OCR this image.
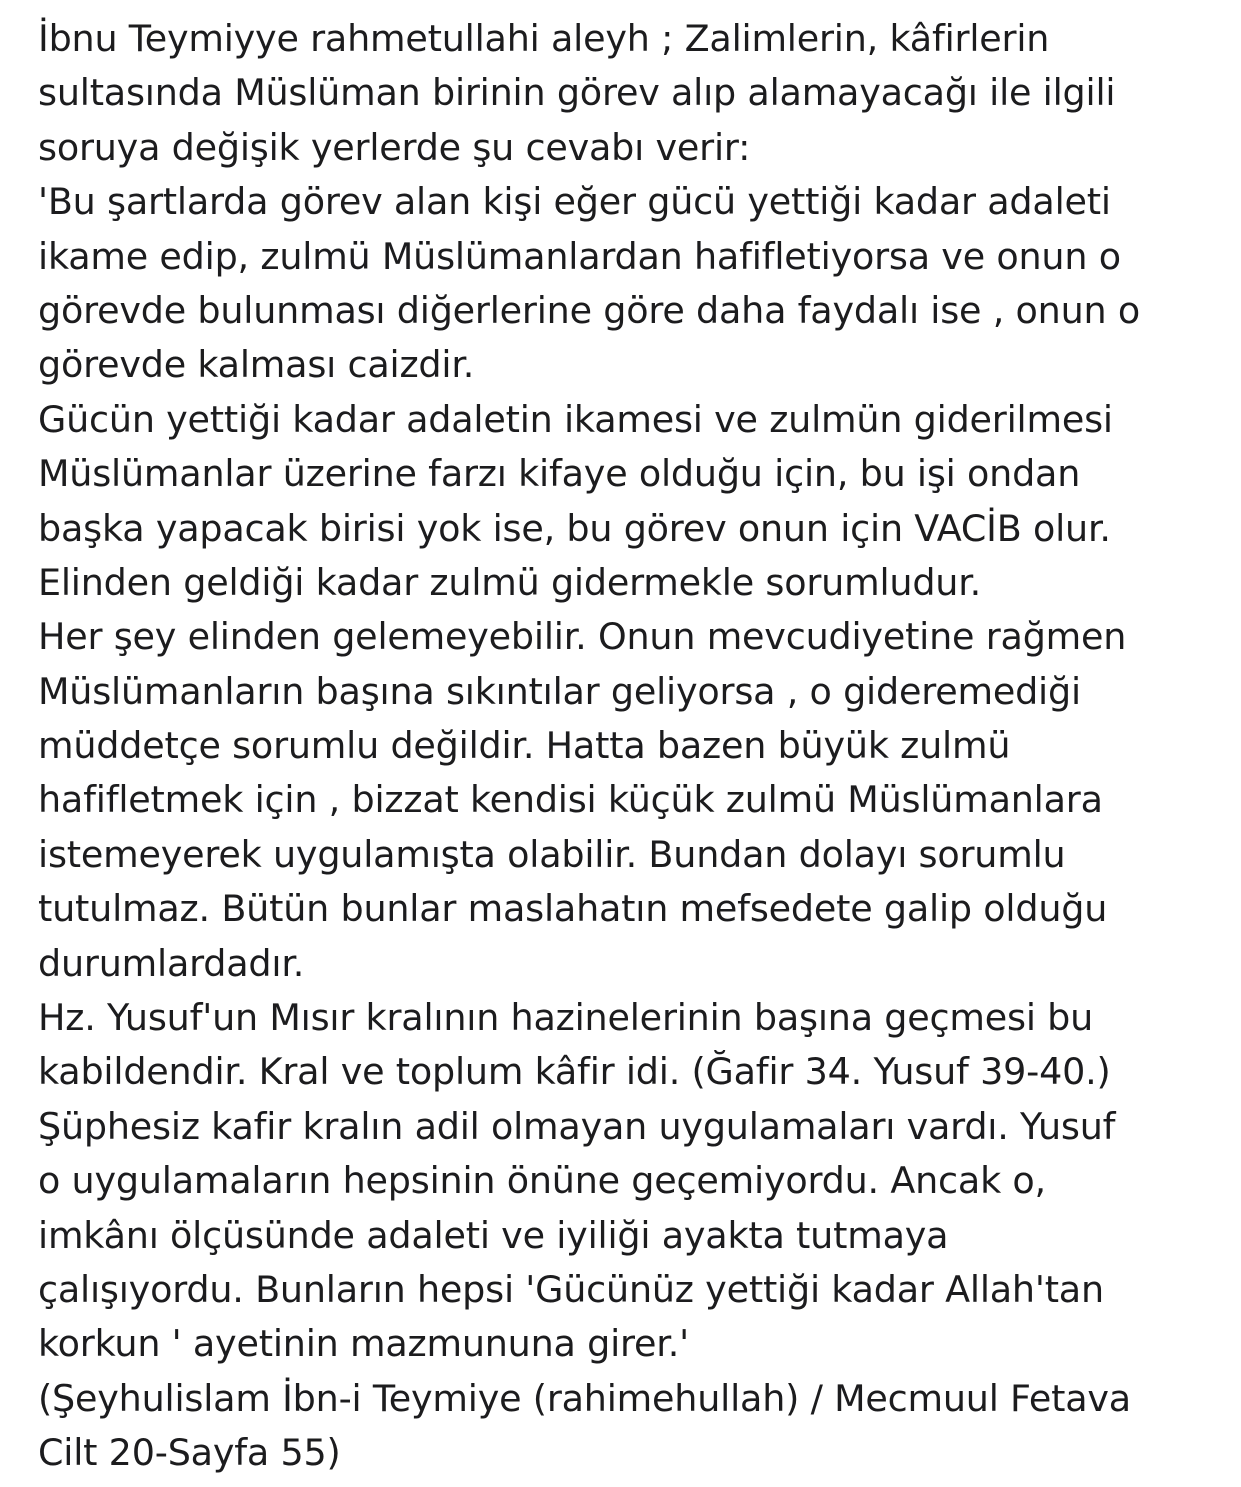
İbnu Teymiyye rahmetullahi aleyh ; Zalimlerin, kâfirlerin
sultasında Müslüman birinin görev alıp alamayacağı ile ilgili
soruya değişik yerlerde şu cevabı verir:
'Bu şartlarda görev alan kişi eğer gücü yettiği kadar adaleti
ikame edip, zulmü Müslümanlardan hafifletiyorsa ve onun o
görevde bulunması diğerlerine göre daha faydalı ise , onun o
görevde kalması caizdir.
Gücün yettiği kadar adaletin ikamesi ve zulmün giderilmesi
Müslümanlar üzerine farzı kifaye olduğu için, bu işi ondan
başka yapacak birisi yok ise, bu görev onun için VACİB olur.
Elinden geldiği kadar zulmü gidermekle sorumludur.
Her şey elinden gelemeyebilir. Onun mevcudiyetine rağmen
Müslümanların başına sıkıntılar geliyorsa , o gideremediği
müddetçe sorumlu değildir. Hatta bazen büyük zulmü
hafifletmek için , bizzat kendisi küçük zulmü Müslümanlara
istemeyerek uygulamışta olabilir. Bundan dolayı sorumlu
tutulmaz. Bütün bunlar maslahatın mefsedete galip olduğu
durumlardadır.
Hz. Yusuf'un Mısır kralının hazinelerinin başına geçmesi bu
kabildendir. Kral ve toplum kâfir idi. (Ğafir 34. Yusuf 39-40.)
Şüphesiz kafir kralın adil olmayan uygulamaları vardı. Yusuf
o uygulamaların hepsinin önüne geçemiyordu. Ancak o,
imkânı ölçüsünde adaleti ve iyiliği ayakta tutmaya
çalışıyordu. Bunların hepsi 'Gücünüz yettiği kadar Allah'tan
korkun ' ayetinin mazmununa girer.'
(Şeyhulislam İbn-i Teymiye (rahimehullah) / Mecmuul Fetava
Cilt 20-Sayfa 55)
